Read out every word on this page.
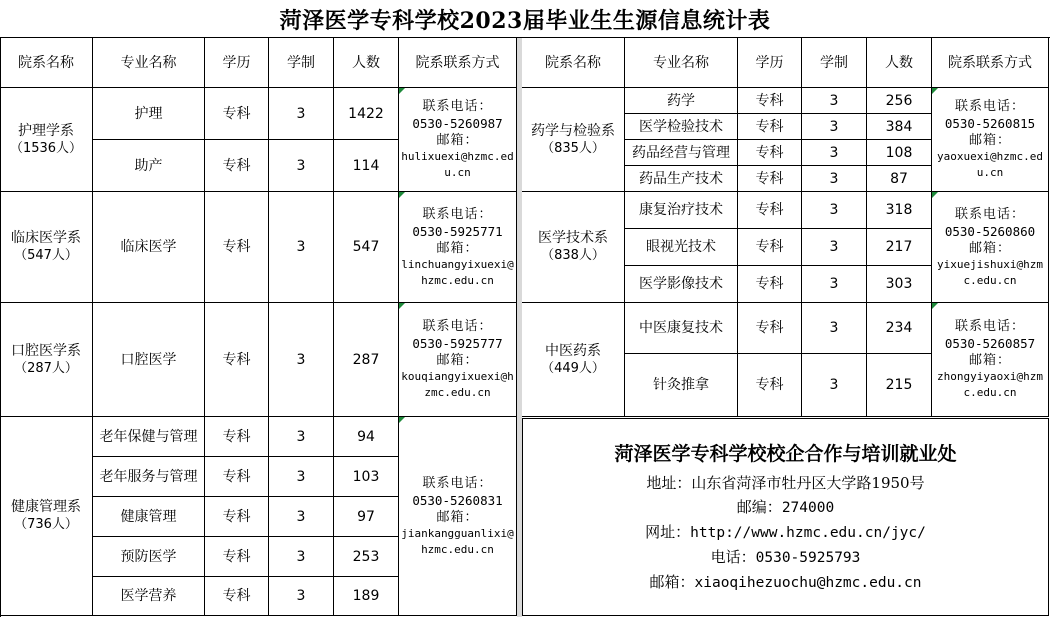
菏泽医学专科学校2023届毕业生生源信息统计表
院系名称	专业名称	学历	学制	人数	院系联系方式	院系名称	专业名称	学历	学制	人数	院系联系方式
护理学系
（1536人）
护理	专科	3	1422
助产	专科	3	114
联系电话：
0530-5260987
邮箱：
hulixuexi@hzmc.edu.cn
临床医学系
（547人）
临床医学	专科	3	547
联系电话：
0530-5925771
邮箱：
linchuangyixuexi@hzmc.edu.cn
口腔医学系
（287人）
口腔医学	专科	3	287
联系电话：
0530-5925777
邮箱：
kouqiangyixuexi@hzmc.edu.cn
健康管理系
（736人）
老年保健与管理 专科	3	94
老年服务与管理 专科	3	103
健康管理	专科	3	97
预防医学	专科	3	253
医学营养	专科	3	189
联系电话：
0530-5260831
邮箱：
jiankangguanlixi@hzmc.edu.cn
药学与检验系
（835人）
药学	专科	3	256
医学检验技术 专科	3	384
药品经营与管理 专科	3	108
药品生产技术 专科	3	87
联系电话：
0530-5260815
邮箱：
yaoxuexi@hzmc.edu.cn
医学技术系
（838人）
康复治疗技术 专科	3	318
眼视光技术	专科	3	217
医学影像技术 专科	3	303
联系电话：
0530-5260860
邮箱：
yixuejishuxi@hzmc.edu.cn
中医药系
（449人）
中医康复技术 专科	3	234
针灸推拿	专科	3	215
联系电话：
0530-5260857
邮箱：
zhongyiyaoxi@hzmc.edu.cn
菏泽医学专科学校校企合作与培训就业处
地址：山东省菏泽市牡丹区大学路1950号
邮编：274000
网址：http://www.hzmc.edu.cn/jyc/
电话：0530-5925793
邮箱：xiaoqihezuochu@hzmc.edu.cn
